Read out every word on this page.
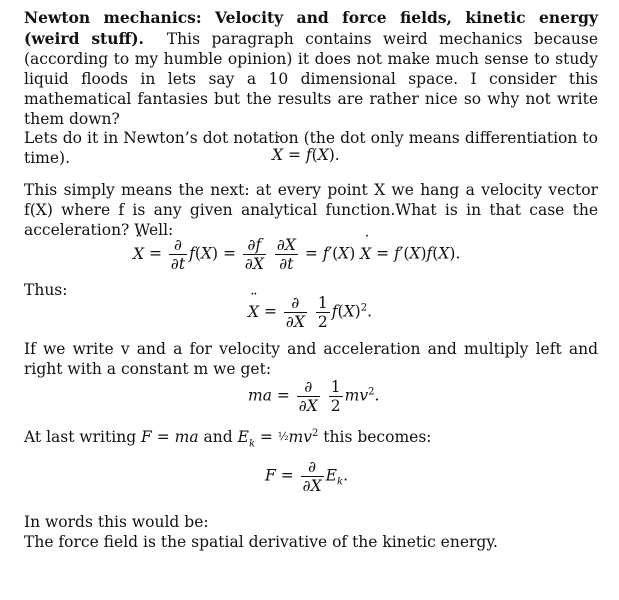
Newton mechanics: Velocity and force fields, kinetic energy (weird stuff). This paragraph contains weird mechanics because (according to my humble opinion) it does not make much sense to study liquid floods in lets say a 10 dimensional space. I consider this mathematical fantasies but the results are rather nice so why not write them down?

Lets do it in Newton’s dot notation (the dot only means differentiation to time).

˙	X = f(X).

This simply means the next: at every point X we hang a velocity vector f(X) where f is any given analytical function.What is in that case the acceleration? Well:

¨ $X = \frac{\partial}{\partial t} f(X) = \frac{\partial f}{\partial X}$
$\frac{\partial X}{\partial t} = f'(X)$ ˙ X = f′(X)f(X).
Thus:
¨ $X = \frac{\partial}{\partial X}$
$\frac{1}{2} f(X)^2$.

If we write v and a for velocity and acceleration and multiply left and right with a constant m we get:

ma = $\frac{\partial}{\partial X}$
$\frac{1}{2} mv^2$.
At last writing F = ma and $E_k$ = $\frac{1}{2}mv^2$ this becomes:
$F = \frac{\partial}{\partial X} E_k$.
In words this would be:
The force field is the spatial derivative of the kinetic energy.
